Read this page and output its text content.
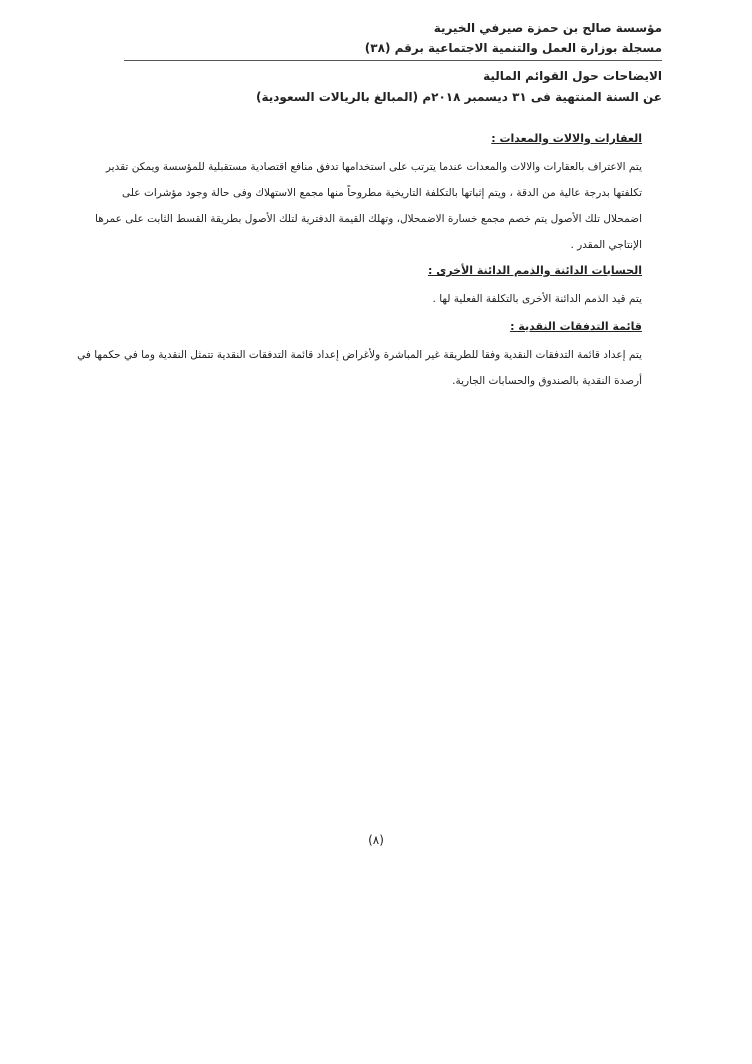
مؤسسة صالح بن حمزة صيرفي الخيرية
مسجلة بوزارة العمل والتنمية الاجتماعية برقم (٣٨)
الايضاحات حول القوائم المالية
عن السنة المنتهية فى ٣١ ديسمبر ٢٠١٨م (المبالغ بالريالات السعودية)
العقارات والالات والمعدات :
يتم الاعتراف بالعقارات والالات والمعدات عندما يترتب على استخدامها تدفق منافع اقتصادية مستقبلية للمؤسسة ويمكن تقدير
تكلفتها بدرجة عالية من الدقة ، ويتم إثباتها بالتكلفة التاريخية مطروحاً منها مجمع الاستهلاك وفى حالة وجود مؤشرات على
اضمحلال تلك الأصول يتم خصم مجمع خسارة الاضمحلال، وتهلك القيمة الدفترية لتلك الأصول بطريقة القسط الثابت على عمرها
الإنتاجي المقدر .
الحسابات الدائنة والذمم الدائنة الأخرى :
يتم قيد الذمم الدائنة الأخرى بالتكلفة الفعلية لها .
قائمة التدفقات النقدية :
يتم إعداد قائمة التدفقات النقدية وفقا للطريقة غير المباشرة ولأغراض إعداد قائمة التدفقات النقدية تتمثل النقدية وما في حكمها في
أرصدة النقدية بالصندوق والحسابات الجارية.
(٨)
